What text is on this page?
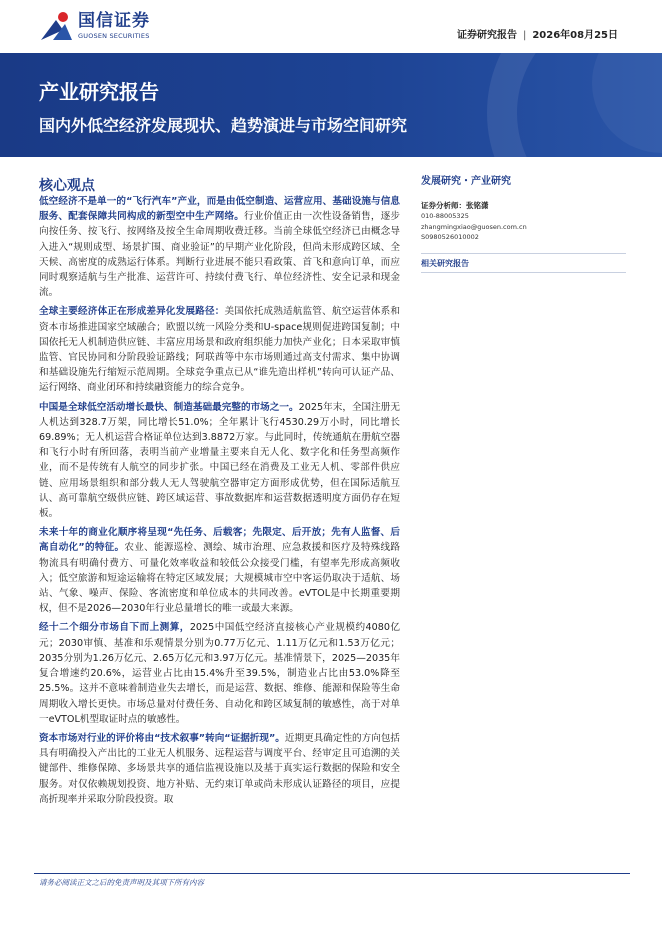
国信证券
GUOSEN SECURITIES	证券研究报告 | 2026年08月25日
产业研究报告
国内外低空经济发展现状、趋势演进与市场空间研究
核心观点

低空经济不是单一的“飞行汽车”产业，而是由低空制造、运营应用、基础设施与信息服务、配套保障共同构成的新型空中生产网络。行业价值正由一次性设备销售，逐步向按任务、按飞行、按网络及按全生命周期收费迁移。当前全球低空经济已由概念导入进入“规则成型、场景扩围、商业验证”的早期产业化阶段，但尚未形成跨区域、全天候、高密度的成熟运行体系。判断行业进展不能只看政策、首飞和意向订单，而应同时观察适航与生产批准、运营许可、持续付费飞行、单位经济性、安全记录和现金流。

全球主要经济体正在形成差异化发展路径：美国依托成熟适航监管、航空运营体系和资本市场推进国家空域融合；欧盟以统一风险分类和U-space规则促进跨国复制；中国依托无人机制造供应链、丰富应用场景和政府组织能力加快产业化；日本采取审慎监管、官民协同和分阶段验证路线；阿联酋等中东市场则通过高支付需求、集中协调和基础设施先行缩短示范周期。全球竞争重点已从“谁先造出样机”转向可认证产品、运行网络、商业闭环和持续融资能力的综合竞争。

中国是全球低空活动增长最快、制造基础最完整的市场之一。2025年末，全国注册无人机达到328.7万架，同比增长51.0%；全年累计飞行4530.29万小时，同比增长69.89%；无人机运营合格证单位达到3.8872万家。与此同时，传统通航在册航空器和飞行小时有所回落，表明当前产业增量主要来自无人化、数字化和任务型高频作业，而不是传统有人航空的同步扩张。中国已经在消费及工业无人机、零部件供应链、应用场景组织和部分载人无人驾驶航空器审定方面形成优势，但在国际适航互认、高可靠航空级供应链、跨区域运营、事故数据库和运营数据透明度方面仍存在短板。

未来十年的商业化顺序将呈现“先任务、后载客；先限定、后开放；先有人监督、后高自动化”的特征。农业、能源巡检、测绘、城市治理、应急救援和医疗及特殊线路物流具有明确付费方、可量化效率收益和较低公众接受门槛，有望率先形成高频收入；低空旅游和短途运输将在特定区域发展；大规模城市空中客运仍取决于适航、场站、气象、噪声、保险、客流密度和单位成本的共同改善。eVTOL是中长期重要期权，但不是2026—2030年行业总量增长的唯一或最大来源。

经十二个细分市场自下而上测算，2025中国低空经济直接核心产业规模约4080亿元；2030审慎、基准和乐观情景分别为0.77万亿元、1.11万亿元和1.53万亿元；2035分别为1.26万亿元、2.65万亿元和3.97万亿元。基准情景下，2025—2035年复合增速约20.6%，运营业占比由15.4%升至39.5%，制造业占比由53.0%降至25.5%。这并不意味着制造业失去增长，而是运营、数据、维修、能源和保险等生命周期收入增长更快。市场总量对付费任务、自动化和跨区域复制的敏感性，高于对单一eVTOL机型取证时点的敏感性。

资本市场对行业的评价将由“技术叙事”转向“证据折现”。近期更具确定性的方向包括具有明确投入产出比的工业无人机服务、远程运营与调度平台、经审定且可追溯的关键部件、维修保障、多场景共享的通信监视设施以及基于真实运行数据的保险和安全服务。对仅依赖规划投资、地方补贴、无约束订单或尚未形成认证路径的项目，应提高折现率并采取分阶段投资。取

发展研究・产业研究
证券分析师：张铭潇
010-88005325
zhangmingxiao@guosen.com.cn
S0980526010002
相关研究报告
请务必阅读正文之后的免责声明及其项下所有内容
